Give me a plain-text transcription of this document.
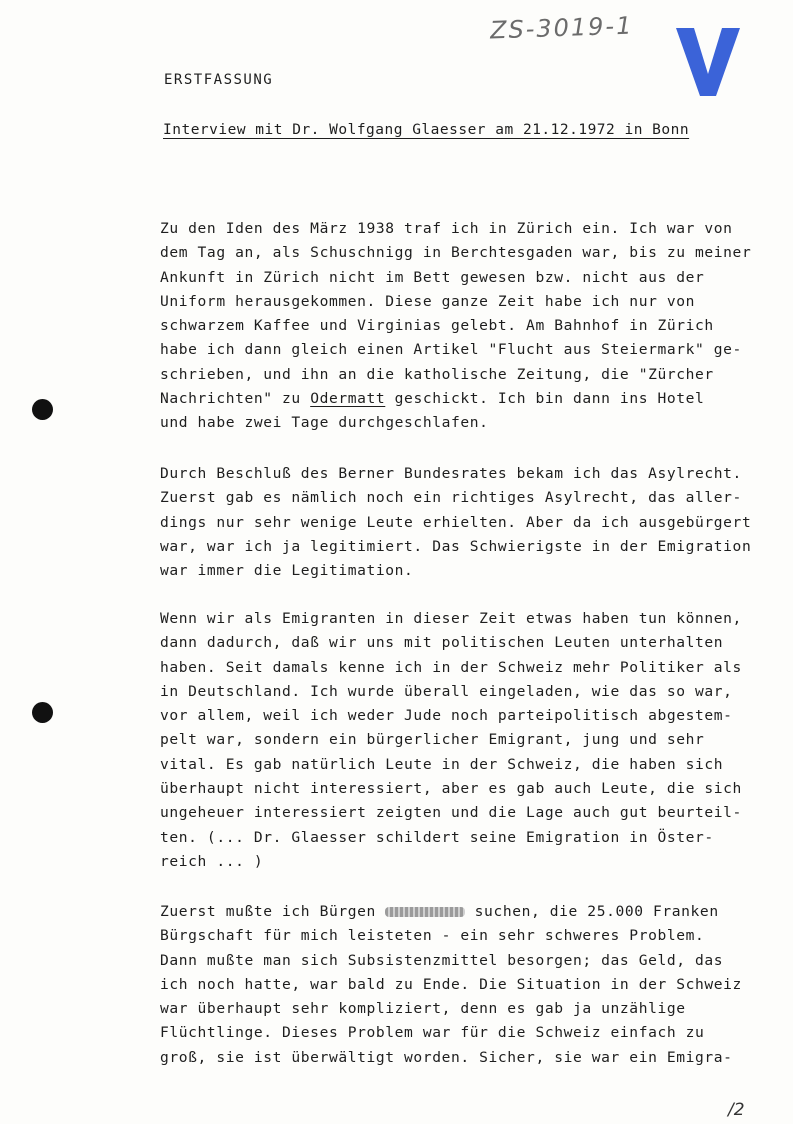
ZS-3019-1
ERSTFASSUNG
Interview mit Dr. Wolfgang Glaesser am 21.12.1972 in Bonn
Zu den Iden des März 1938 traf ich in Zürich ein. Ich war von
dem Tag an, als Schuschnigg in Berchtesgaden war, bis zu meiner
Ankunft in Zürich nicht im Bett gewesen bzw. nicht aus der
Uniform herausgekommen. Diese ganze Zeit habe ich nur von
schwarzem Kaffee und Virginias gelebt. Am Bahnhof in Zürich
habe ich dann gleich einen Artikel "Flucht aus Steiermark" ge-
schrieben, und ihn an die katholische Zeitung, die "Zürcher
Nachrichten" zu Odermatt geschickt. Ich bin dann ins Hotel
und habe zwei Tage durchgeschlafen.
Durch Beschluß des Berner Bundesrates bekam ich das Asylrecht.
Zuerst gab es nämlich noch ein richtiges Asylrecht, das aller-
dings nur sehr wenige Leute erhielten. Aber da ich ausgebürgert
war, war ich ja legitimiert. Das Schwierigste in der Emigration
war immer die Legitimation.
Wenn wir als Emigranten in dieser Zeit etwas haben tun können,
dann dadurch, daß wir uns mit politischen Leuten unterhalten
haben. Seit damals kenne ich in der Schweiz mehr Politiker als
in Deutschland. Ich wurde überall eingeladen, wie das so war,
vor allem, weil ich weder Jude noch parteipolitisch abgestem-
pelt war, sondern ein bürgerlicher Emigrant, jung und sehr
vital. Es gab natürlich Leute in der Schweiz, die haben sich
überhaupt nicht interessiert, aber es gab auch Leute, die sich
ungeheuer interessiert zeigten und die Lage auch gut beurteil-
ten. (... Dr. Glaesser schildert seine Emigration in Öster-
reich ... )
Zuerst mußte ich Bürgen	suchen, die 25.000 Franken
Bürgschaft für mich leisteten - ein sehr schweres Problem.
Dann mußte man sich Subsistenzmittel besorgen; das Geld, das
ich noch hatte, war bald zu Ende. Die Situation in der Schweiz
war überhaupt sehr kompliziert, denn es gab ja unzählige
Flüchtlinge. Dieses Problem war für die Schweiz einfach zu
groß, sie ist überwältigt worden. Sicher, sie war ein Emigra-
/2
